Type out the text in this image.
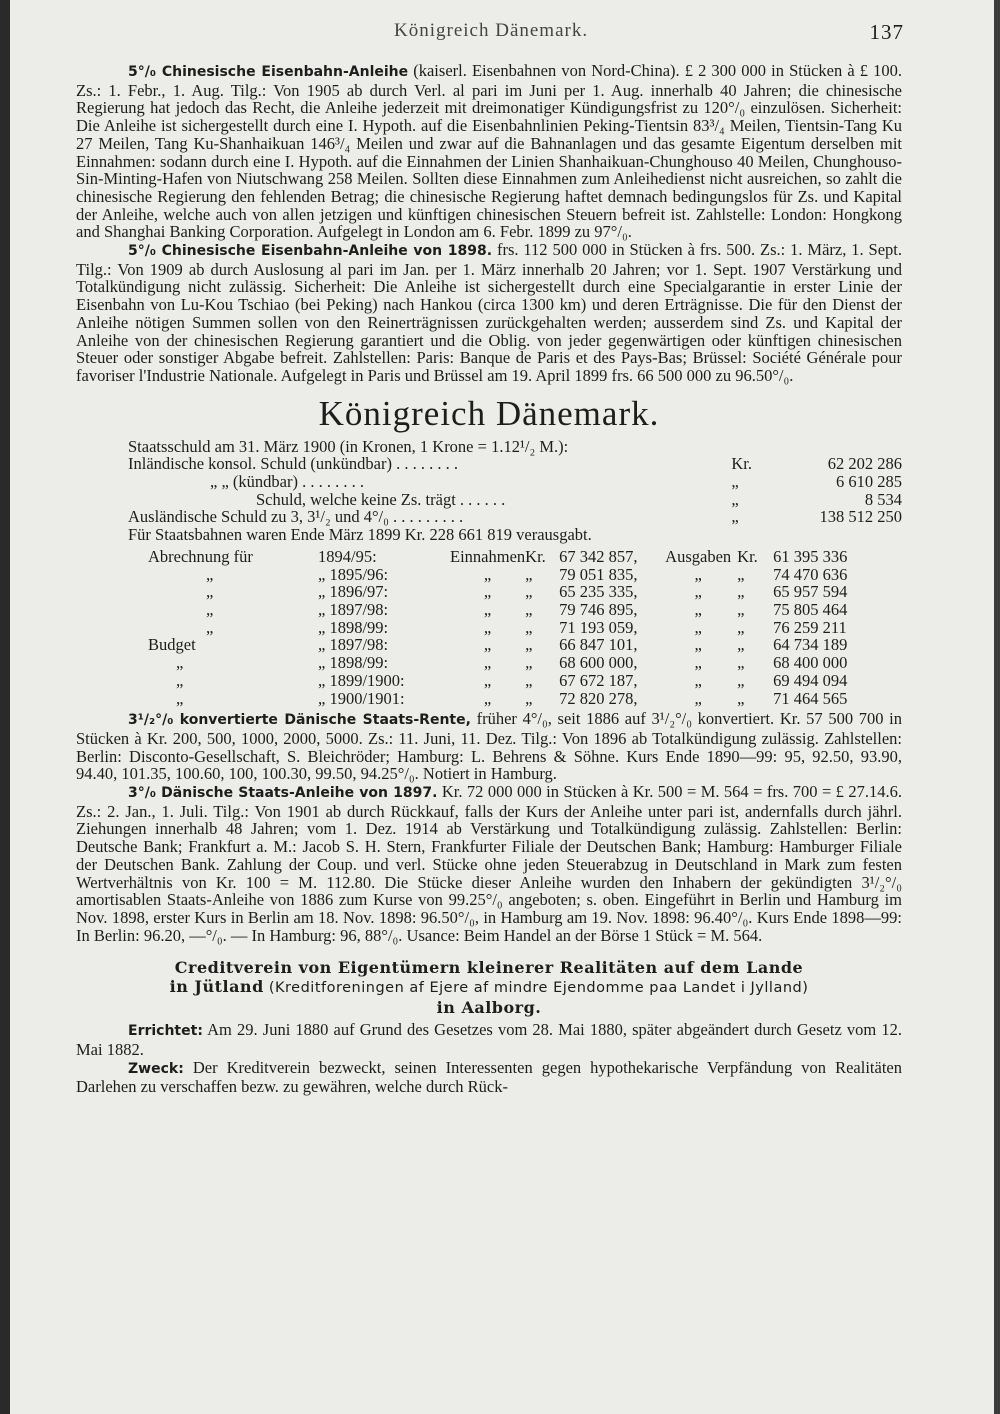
Königreich Dänemark.	137

5°/₀ Chinesische Eisenbahn-Anleihe (kaiserl. Eisenbahnen von Nord-China). £ 2 300 000 in Stücken à £ 100. Zs.: 1. Febr., 1. Aug. Tilg.: Von 1905 ab durch Verl. al pari im Juni per 1. Aug. innerhalb 40 Jahren; die chinesische Regierung hat jedoch das Recht, die Anleihe jederzeit mit dreimonatiger Kündigungsfrist zu 120°/₀ einzulösen. Sicherheit: Die Anleihe ist sichergestellt durch eine I. Hypoth. auf die Eisenbahnlinien Peking-Tientsin 83³/₄ Meilen, Tientsin-Tang Ku 27 Meilen, Tang Ku-Shanhaikuan 146³/₄ Meilen und zwar auf die Bahnanlagen und das gesamte Eigentum derselben mit Einnahmen: sodann durch eine I. Hypoth. auf die Einnahmen der Linien Shanhaikuan-Chunghouso 40 Meilen, Chunghouso-Sin-Minting-Hafen von Niutschwang 258 Meilen. Sollten diese Einnahmen zum Anleihedienst nicht ausreichen, so zahlt die chinesische Regierung den fehlenden Betrag; die chinesische Regierung haftet demnach bedingungslos für Zs. und Kapital der Anleihe, welche auch von allen jetzigen und künftigen chinesischen Steuern befreit ist. Zahlstelle: London: Hongkong and Shanghai Banking Corporation. Aufgelegt in London am 6. Febr. 1899 zu 97°/₀.

5°/₀ Chinesische Eisenbahn-Anleihe von 1898. frs. 112 500 000 in Stücken à frs. 500. Zs.: 1. März, 1. Sept. Tilg.: Von 1909 ab durch Auslosung al pari im Jan. per 1. März innerhalb 20 Jahren; vor 1. Sept. 1907 Verstärkung und Totalkündigung nicht zulässig. Sicherheit: Die Anleihe ist sichergestellt durch eine Specialgarantie in erster Linie der Eisenbahn von Lu-Kou Tschiao (bei Peking) nach Hankou (circa 1300 km) und deren Erträgnisse. Die für den Dienst der Anleihe nötigen Summen sollen von den Reinerträgnissen zurückgehalten werden; ausserdem sind Zs. und Kapital der Anleihe von der chinesischen Regierung garantiert und die Oblig. von jeder gegenwärtigen oder künftigen chinesischen Steuer oder sonstiger Abgabe befreit. Zahlstellen: Paris: Banque de Paris et des Pays-Bas; Brüssel: Société Générale pour favoriser l'Industrie Nationale. Aufgelegt in Paris und Brüssel am 19. April 1899 frs. 66 500 000 zu 96.50°/₀.

Königreich Dänemark.

Staatsschuld am 31. März 1900 (in Kronen, 1 Krone = 1.12¹/₂ M.):

Inländische konsol. Schuld (unkündbar) . . . . . . . .	Kr.	62 202 286
„ „ (kündbar) . . . . . . . .	„	6 610 285
Schuld, welche keine Zs. trägt . . . . . .	„	8 534
Ausländische Schuld zu 3, 3¹/₂ und 4°/₀ . . . . . . . . .	„	138 512 250

Für Staatsbahnen waren Ende März 1899 Kr. 228 661 819 verausgabt.

Abrechnung für	1894/95:	Einnahmen	Kr.	67 342 857,	Ausgaben	Kr.	61 395 336
„	„ 1895/96:	„	„	79 051 835,	„	„	74 470 636
„	„ 1896/97:	„	„	65 235 335,	„	„	65 957 594
„	„ 1897/98:	„	„	79 746 895,	„	„	75 805 464
„	„ 1898/99:	„	„	71 193 059,	„	„	76 259 211
Budget	„ 1897/98:	„	„	66 847 101,	„	„	64 734 189
„	„ 1898/99:	„	„	68 600 000,	„	„	68 400 000
„	„ 1899/1900:	„	„	67 672 187,	„	„	69 494 094
„	„ 1900/1901:	„	„	72 820 278,	„	„	71 464 565

3¹/₂°/₀ konvertierte Dänische Staats-Rente, früher 4°/₀, seit 1886 auf 3¹/₂°/₀ konvertiert. Kr. 57 500 700 in Stücken à Kr. 200, 500, 1000, 2000, 5000. Zs.: 11. Juni, 11. Dez. Tilg.: Von 1896 ab Totalkündigung zulässig. Zahlstellen: Berlin: Disconto-Gesellschaft, S. Bleichröder; Hamburg: L. Behrens & Söhne. Kurs Ende 1890—99: 95, 92.50, 93.90, 94.40, 101.35, 100.60, 100, 100.30, 99.50, 94.25°/₀. Notiert in Hamburg.

3°/₀ Dänische Staats-Anleihe von 1897. Kr. 72 000 000 in Stücken à Kr. 500 = M. 564 = frs. 700 = £ 27.14.6. Zs.: 2. Jan., 1. Juli. Tilg.: Von 1901 ab durch Rückkauf, falls der Kurs der Anleihe unter pari ist, andernfalls durch jährl. Ziehungen innerhalb 48 Jahren; vom 1. Dez. 1914 ab Verstärkung und Totalkündigung zulässig. Zahlstellen: Berlin: Deutsche Bank; Frankfurt a. M.: Jacob S. H. Stern, Frankfurter Filiale der Deutschen Bank; Hamburg: Hamburger Filiale der Deutschen Bank. Zahlung der Coup. und verl. Stücke ohne jeden Steuerabzug in Deutschland in Mark zum festen Wertverhältnis von Kr. 100 = M. 112.80. Die Stücke dieser Anleihe wurden den Inhabern der gekündigten 3¹/₂°/₀ amortisablen Staats-Anleihe von 1886 zum Kurse von 99.25°/₀ angeboten; s. oben. Eingeführt in Berlin und Hamburg im Nov. 1898, erster Kurs in Berlin am 18. Nov. 1898: 96.50°/₀, in Hamburg am 19. Nov. 1898: 96.40°/₀. Kurs Ende 1898—99: In Berlin: 96.20, —°/₀. — In Hamburg: 96, 88°/₀. Usance: Beim Handel an der Börse 1 Stück = M. 564.

Creditverein von Eigentümern kleinerer Realitäten auf dem Lande
in Jütland (Kreditforeningen af Ejere af mindre Ejendomme paa Landet i Jylland)
in Aalborg.

Errichtet: Am 29. Juni 1880 auf Grund des Gesetzes vom 28. Mai 1880, später abgeändert durch Gesetz vom 12. Mai 1882.

Zweck: Der Kreditverein bezweckt, seinen Interessenten gegen hypothekarische Verpfändung von Realitäten Darlehen zu verschaffen bezw. zu gewähren, welche durch Rück-
